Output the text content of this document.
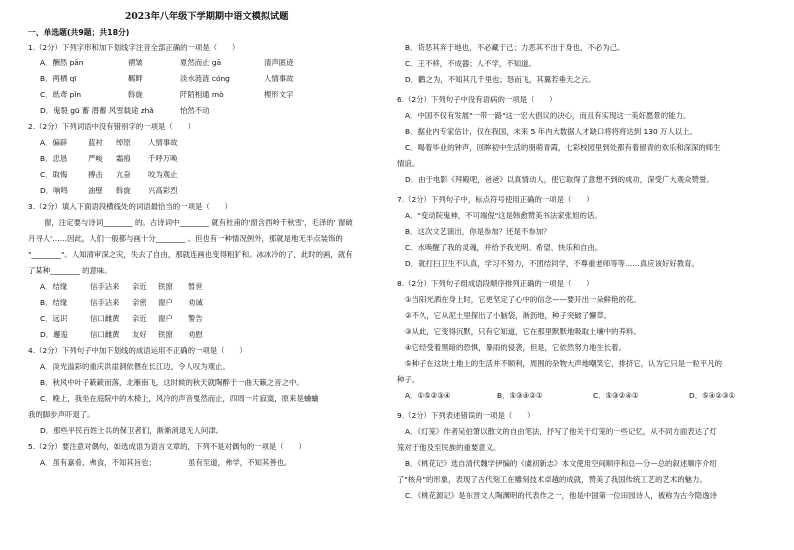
2023年八年级下学期期中语文模拟试题
一、单选题(共9题；共18分)
1.（2分）下列字形和加下划线字注音全部正确的一项是（　　）
A．酬然 pān	褶皱	夏然而止 gā	清声匿迹
B．两栖 qī	羁畔	淡水涟涟 cóng	人情事故
C．纸鸢 pǐn	斡旋	阡陌相通 mò	楔形文字
D．鬼裂 gū 蓄 潜蓄 风雪载途 zhǎ	怡然不动
2.（2分）下列词语中没有错别字的一项是（　　）
A．偏辟	蓝衬 绰原 人情事故
B．忠恳	严峻 霜痕 千呼万唤
C．取悔	搏击 亢奋 咬为观止
D．响鸣	油壁 斡旋 兴高彩烈
3.（2分）填入下面语段横线处的词语最恰当的一项是（　　）
窗，注定要与诗词________ 的。古诗词中________ 就有杜甫的'窗含西岭千秋雪'，毛泽的' 窗破
月寻人'……因此，人们一般都与画十分________ 。但也有一种情况例外，那就是地无半点装饰的
"________"。人知清审深之灾，失去了自由，那就连画也变得粗犷和。冰冰冷的了，此时的画，就有
了某种________ 的意味。
A．结缘	信手沾来 亲近 铁窗 暂世
B．结缘	信手沾来 亲密 窗户 劝诫
C．远识	信口雌黄 亲近 窗户 警告
D．邂逅	信口雌黄 友好 铁窗 劝慰
4.（2分）下列句子中加下划线的成语运用不正确的一项是（　　）
A．淡光溢彩的重庆洪崖洞依偎在长江边，令人叹为观止。
B．秋风中叶子簌簌而落，北雁南飞，这时候的秋天就陶醉于一曲天籁之音之中。
C．晚上，我坐在庭院中的木椅上，风冷的声音戛然而止，四周一片寂寞，原来是蛐蛐
我的脚步声吓退了。
D．那些平民百姓士兵的保卫者们，渐渐消退无人问津。
5.（2分）要注意对偶句，如选成语为语言文章的，下列不是对偶句的一项是（　　）
A．虽有嘉肴，弗食，不知其旨也；	虽有至道，弗学，不知其善也。
B．货恶其弃于地也，不必藏于己；力恶其不出于身也，不必为己。
C．王不移，不成器；人不学，不知道。
D．鹳之为，不知其几千里也；怒而飞，其翼若垂天之云。
6.（2分）下列句子中没有语病的一项是（　　）
A．中国不仅有发展"一带一路"这一宏大倡议的决心，而且有实现这一美好愿景的能力。
B．据业内专家估计，仅在我国，未来 5 年内大数据人才缺口将将将达到 130 万人以上。
C．喝着毕业的钟声，回眸初中生活的朋萌青霞，七彩校园里到处都有着留青的欢乐和深深的师生
情谊。
D．由于电影《拜殿吧，爸爸》以真情动人，使它取得了意想不到的成功，深受广大观众赞誉。
7.（2分）下列句子中，标点符号使用正确的一项是（　　）
A．"变动院鬼神，不可端倪"这是韩愈赞美书法家张旭的话。
B．这次文艺演出，你是参加？还是不参加？
C．水唤醒了我的灵魂，并给予我光明、希望、快乐和自由。
D．就打扫卫生不认真，学习不努力，不团结同学，不尊重老师等等……真应该好好教育。
8.（2分）下列句子组成语段顺序排列正确的一项是（　　）
①当阳光洒在身上时，它更坚定了心中的信念——要开出一朵鲜艳的花。
②不久，它从泥土里探出了小脑袋，淅沥地，种子突破了懈草。
③从此，它变得沉默，只有它知道，它在那里默默地吸取土壤中的养料。
④它经受着黑暗的恐惧，暴雨的侵袭，但是，它依然努力地生长着。
⑤种子在这块土地上的生活并不顺利，周围的杂物大声地嘲笑它，排挤它，认为它只是一粒平凡的
种子。
A．①⑤②③④	B．⑤③④②①	C．⑤③②④①	D．⑤④②③①
9.（2分）下列表述错误的一项是（　　）
A．《灯笼》作者吴伯箫以散文的自由笔法，抒写了他关于灯笼的一些记忆，从不同方面表达了灯
笼对于他及至民族的重要意义。
B．《桃花记》选自清代魏学伊编的《虞初新志》本文使用空间顺序和总—分—总的叙述顺序介绍
了"核舟"的形象，表现了古代刻工在雕刻技术卓越的成就，赞美了我国传统工艺的艺术的魅力。
C．《桃花源记》是东晋文人陶渊明的代表作之一，他是中国第一位田园诗人，被称为古今隐逸诗
